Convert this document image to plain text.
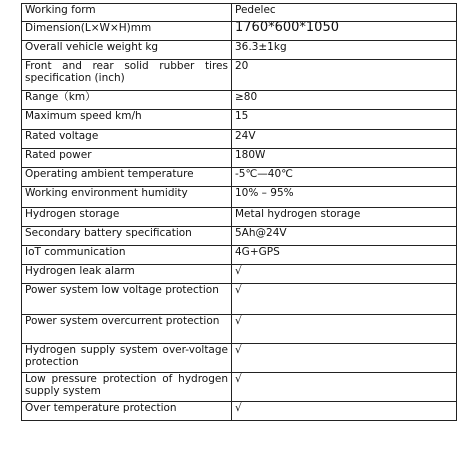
Working form	Pedelec
Dimension(L×W×H)mm	1760*600*1050
Overall vehicle weight kg	36.3±1kg
Front and rear solid rubber tires specification (inch)	20
Range（km）	≥80
Maximum speed km/h	15
Rated voltage	24V
Rated power	180W
Operating ambient temperature	-5℃—40℃
Working environment humidity	10% – 95%
Hydrogen storage	Metal hydrogen storage
Secondary battery specification	5Ah@24V
IoT communication	4G+GPS
Hydrogen leak alarm	√
Power system low voltage protection	√
Power system overcurrent protection	√
Hydrogen supply system over-voltage protection	√
Low pressure protection of hydrogen supply system	√
Over temperature protection	√
